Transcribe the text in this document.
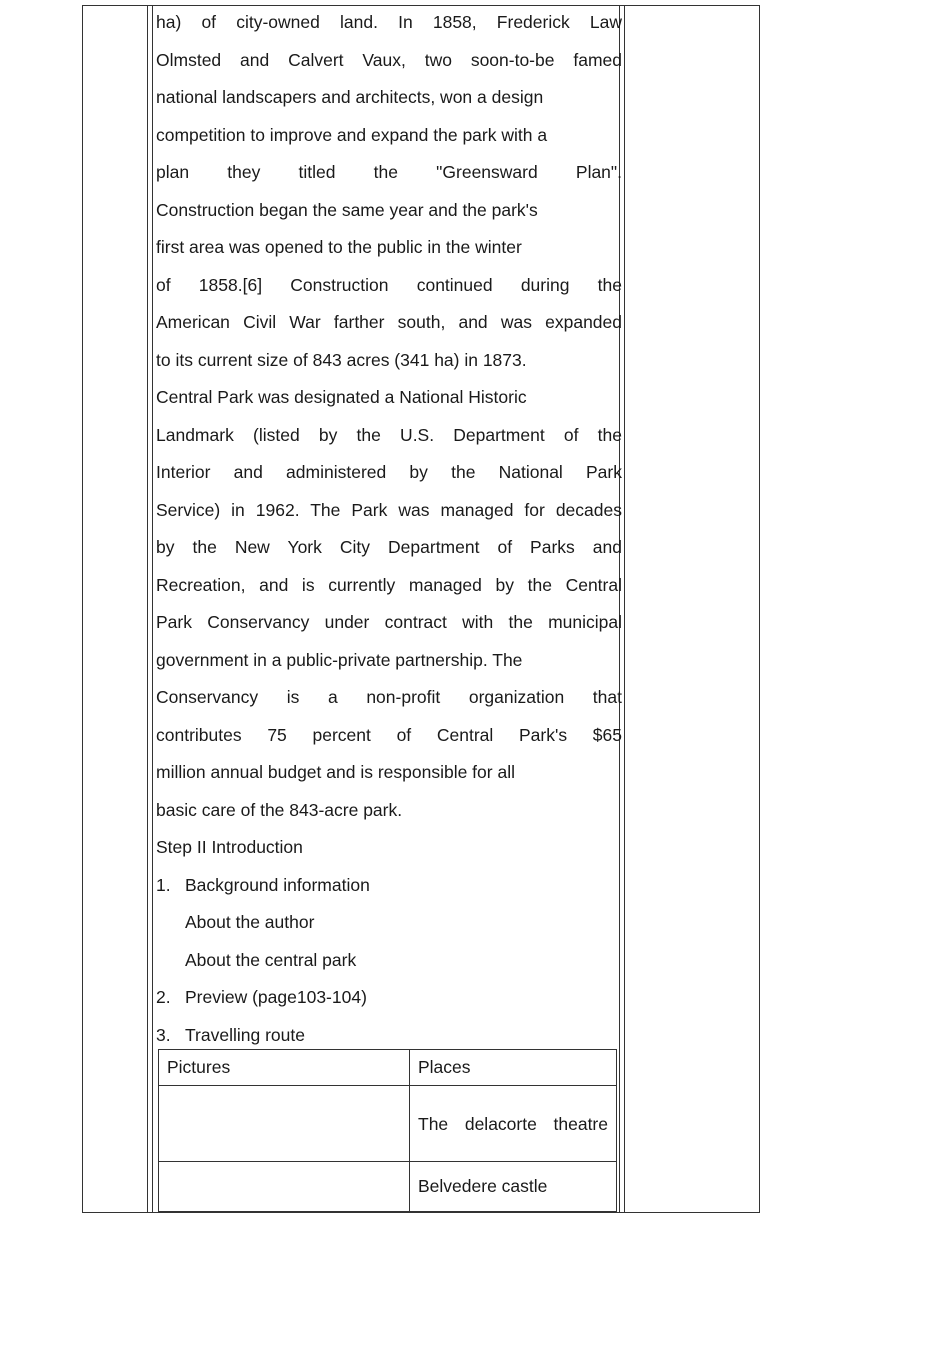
ha) of city-owned land. In 1858, Frederick Law
Olmsted and Calvert Vaux, two soon-to-be famed
national landscapers and architects, won a design
competition to improve and expand the park with a
plan they titled the "Greensward Plan".
Construction began the same year and the park's
first area was opened to the public in the winter
of 1858.[6] Construction continued during the
American Civil War farther south, and was expanded
to its current size of 843 acres (341 ha) in 1873.
Central Park was designated a National Historic
Landmark (listed by the U.S. Department of the
Interior and administered by the National Park
Service) in 1962. The Park was managed for decades
by the New York City Department of Parks and
Recreation, and is currently managed by the Central
Park Conservancy under contract with the municipal
government in a public-private partnership. The
Conservancy is a non-profit organization that
contributes 75 percent of Central Park's $65
million annual budget and is responsible for all
basic care of the 843-acre park.
Step II Introduction
1. Background information
About the author
About the central park
2. Preview (page103-104)
3. Travelling route
Pictures	Places

	The delacorte theatre

	Belvedere castle
